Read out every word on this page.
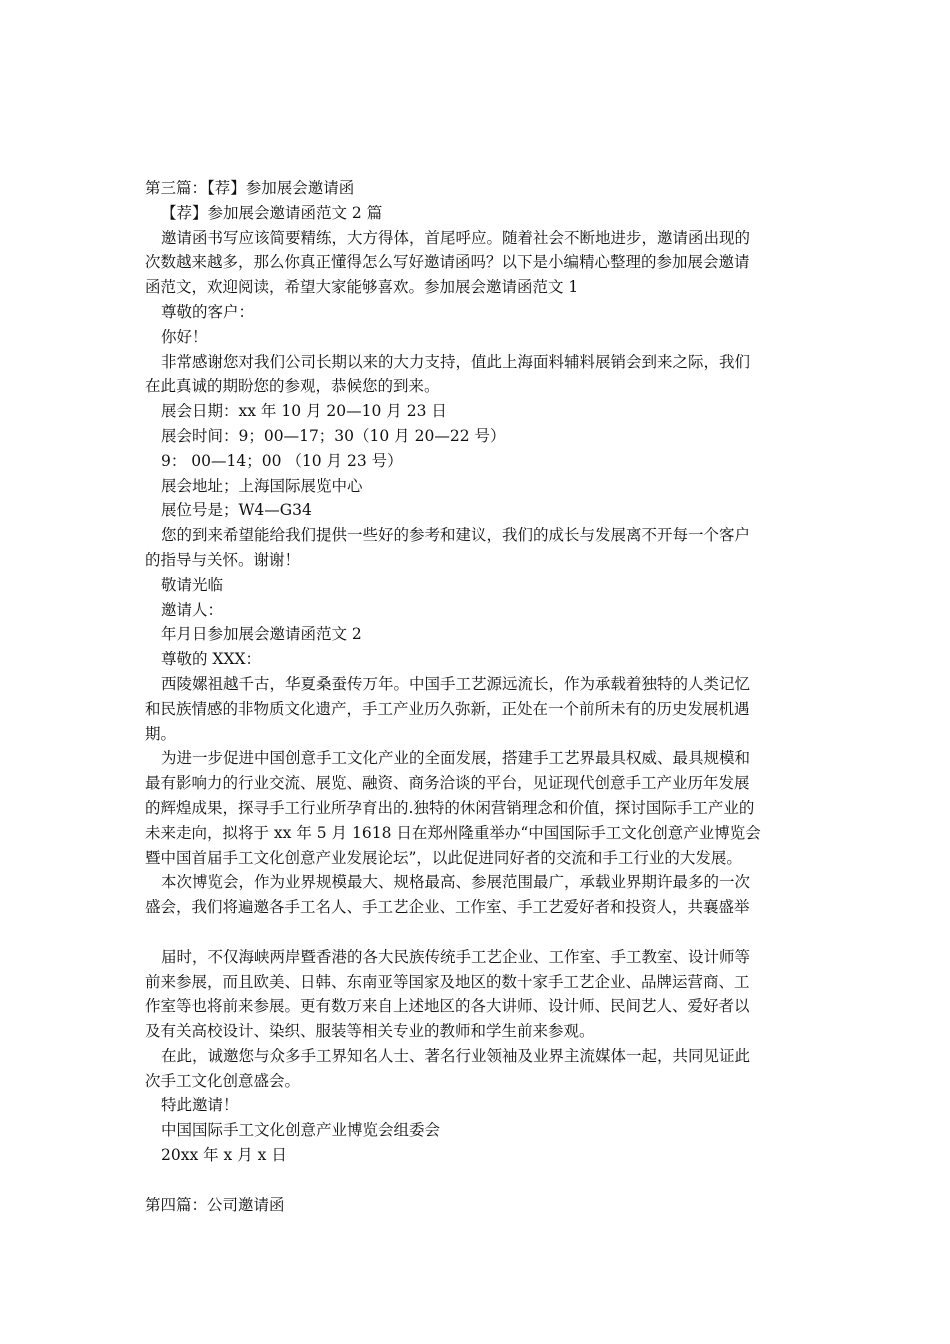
第三篇：【荐】参加展会邀请函
【荐】参加展会邀请函范文 2 篇
邀请函书写应该简要精练，大方得体，首尾呼应。随着社会不断地进步，邀请函出现的
次数越来越多，那么你真正懂得怎么写好邀请函吗？以下是小编精心整理的参加展会邀请
函范文，欢迎阅读，希望大家能够喜欢。参加展会邀请函范文 1
尊敬的客户：
你好！
非常感谢您对我们公司长期以来的大力支持，值此上海面料辅料展销会到来之际，我们
在此真诚的期盼您的参观，恭候您的到来。
展会日期：xx 年 10 月 20—10 月 23 日
展会时间：9；00—17；30（10 月 20—22 号）
9： 00—14；00 （10 月 23 号）
展会地址；上海国际展览中心
展位号是；W4—G34
您的到来希望能给我们提供一些好的参考和建议，我们的成长与发展离不开每一个客户
的指导与关怀。谢谢！
敬请光临
邀请人：
年月日参加展会邀请函范文 2
尊敬的 XXX：
西陵嫘祖越千古，华夏桑蚕传万年。中国手工艺源远流长，作为承载着独特的人类记忆
和民族情感的非物质文化遗产，手工产业历久弥新，正处在一个前所未有的历史发展机遇
期。
为进一步促进中国创意手工文化产业的全面发展，搭建手工艺界最具权威、最具规模和
最有影响力的行业交流、展览、融资、商务洽谈的平台，见证现代创意手工产业历年发展
的辉煌成果，探寻手工行业所孕育出的.独特的休闲营销理念和价值，探讨国际手工产业的
未来走向，拟将于 xx 年 5 月 1618 日在郑州隆重举办“中国国际手工文化创意产业博览会
暨中国首届手工文化创意产业发展论坛”，以此促进同好者的交流和手工行业的大发展。
本次博览会，作为业界规模最大、规格最高、参展范围最广，承载业界期许最多的一次
盛会，我们将遍邀各手工名人、手工艺企业、工作室、手工艺爱好者和投资人，共襄盛举
届时，不仅海峡两岸暨香港的各大民族传统手工艺企业、工作室、手工教室、设计师等
前来参展，而且欧美、日韩、东南亚等国家及地区的数十家手工艺企业、品牌运营商、工
作室等也将前来参展。更有数万来自上述地区的各大讲师、设计师、民间艺人、爱好者以
及有关高校设计、染织、服装等相关专业的教师和学生前来参观。
在此，诚邀您与众多手工界知名人士、著名行业领袖及业界主流媒体一起，共同见证此
次手工文化创意盛会。
特此邀请！
中国国际手工文化创意产业博览会组委会
20xx 年 x 月 x 日
第四篇：公司邀请函
